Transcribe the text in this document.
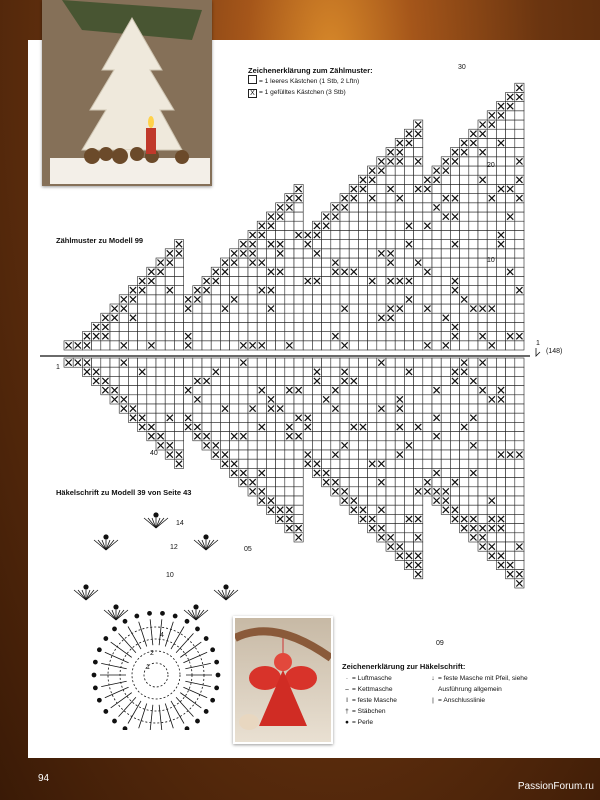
Zeichenerklärung zum Zählmuster:
= 1 leeres Kästchen (1 Stb, 2 Lftn)
X = 1 gefülltes Kästchen (3 Stb)
Zählmuster zu Modell 99
30
20
10
(148)
1
1
40
05
09
Häkelschrift zu Modell 39 von Seite 43
14
12
10
4
2
1	Zeichenerklärung zur Häkelschrift:
· = Luftmasche
⌢ = Kettmasche
I = feste Masche
† = Stäbchen
● = Perle
↓ = feste Masche mit Pfeil, siehe
Ausführung allgemein
| = Anschlusslinie
94
PassionForum.ru
